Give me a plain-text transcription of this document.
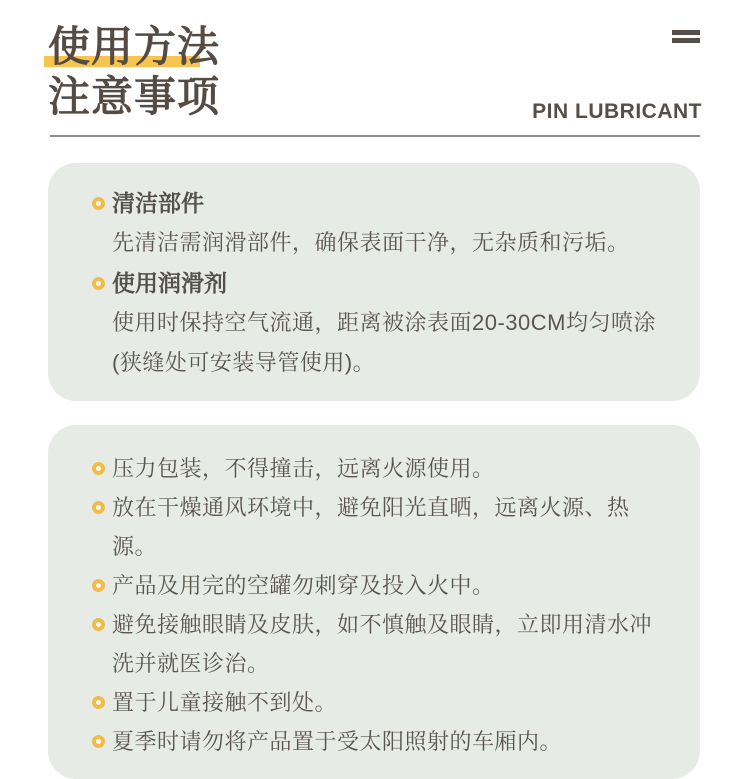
使用方法
注意事项	PIN LUBRICANT
清洁部件
先清洁需润滑部件，确保表面干净，无杂质和污垢。
使用润滑剂
使用时保持空气流通，距离被涂表面20-30CM均匀喷涂(狭缝处可安装导管使用)。
压力包装，不得撞击，远离火源使用。
放在干燥通风环境中，避免阳光直晒，远离火源、热源。
产品及用完的空罐勿刺穿及投入火中。
避免接触眼睛及皮肤，如不慎触及眼睛，立即用清水冲洗并就医诊治。
置于儿童接触不到处。
夏季时请勿将产品置于受太阳照射的车厢内。
